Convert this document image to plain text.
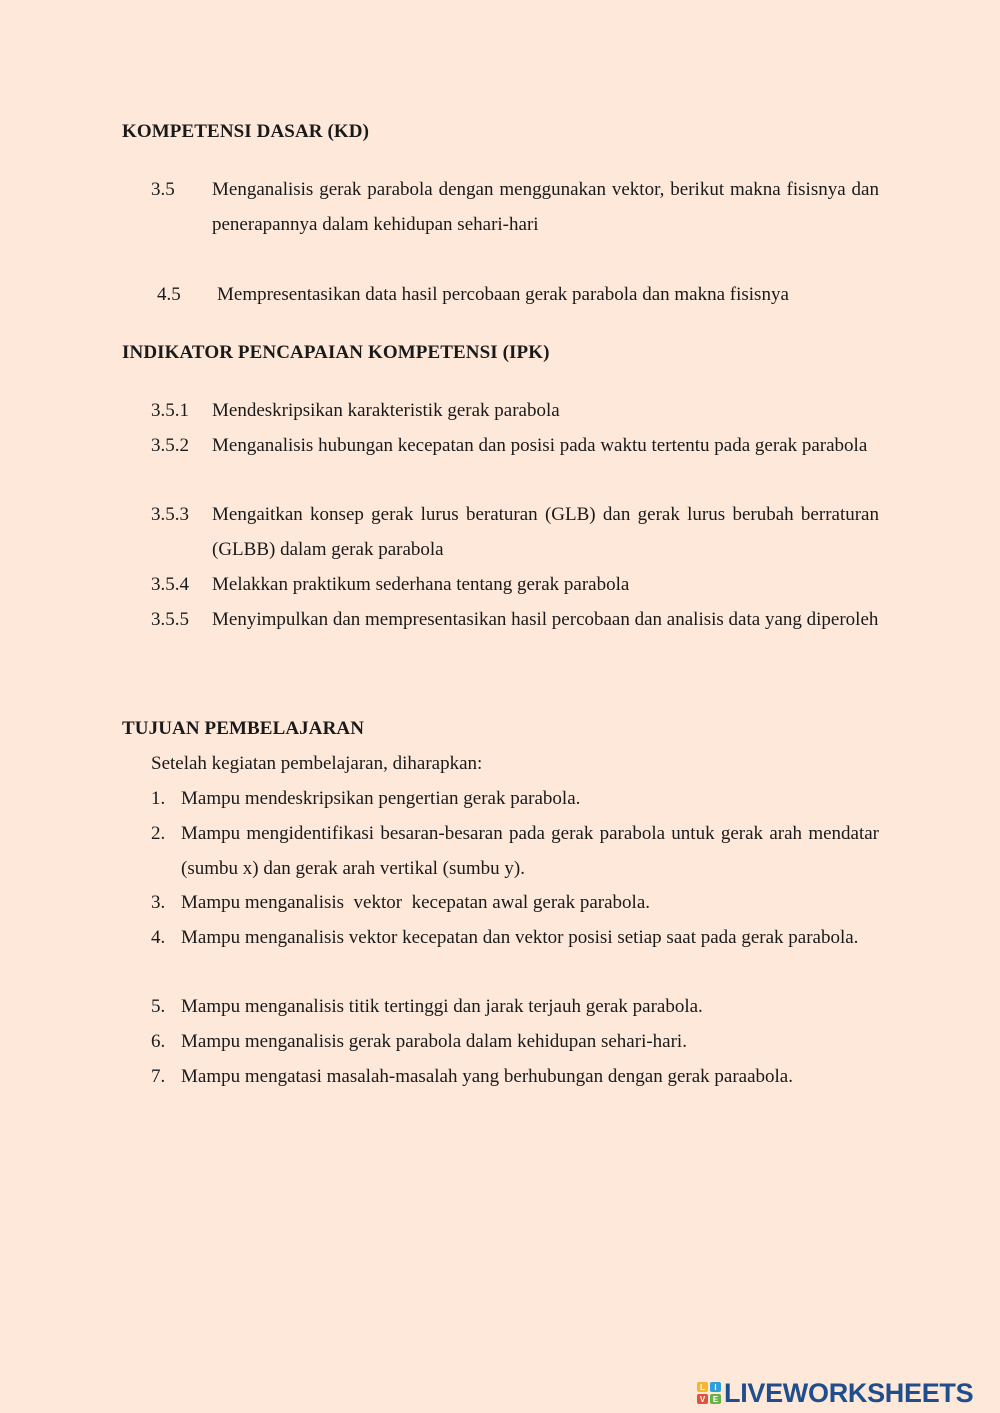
KOMPETENSI DASAR (KD)
3.5 Menganalisis gerak parabola dengan menggunakan vektor, berikut makna fisisnya dan penerapannya dalam kehidupan sehari-hari
4.5 Mempresentasikan data hasil percobaan gerak parabola dan makna fisisnya
INDIKATOR PENCAPAIAN KOMPETENSI (IPK)
3.5.1 Mendeskripsikan karakteristik gerak parabola
3.5.2 Menganalisis hubungan kecepatan dan posisi pada waktu tertentu pada gerak parabola
3.5.3 Mengaitkan konsep gerak lurus beraturan (GLB) dan gerak lurus berubah berraturan (GLBB) dalam gerak parabola
3.5.4 Melakkan praktikum sederhana tentang gerak parabola
3.5.5 Menyimpulkan dan mempresentasikan hasil percobaan dan analisis data yang diperoleh
TUJUAN PEMBELAJARAN
Setelah kegiatan pembelajaran, diharapkan:
1. Mampu mendeskripsikan pengertian gerak parabola.
2. Mampu mengidentifikasi besaran-besaran pada gerak parabola untuk gerak arah mendatar (sumbu x) dan gerak arah vertikal (sumbu y).
3. Mampu menganalisis  vektor  kecepatan awal gerak parabola.
4. Mampu menganalisis vektor kecepatan dan vektor posisi setiap saat pada gerak parabola.
5. Mampu menganalisis titik tertinggi dan jarak terjauh gerak parabola.
6. Mampu menganalisis gerak parabola dalam kehidupan sehari-hari.
7. Mampu mengatasi masalah-masalah yang berhubungan dengan gerak paraabola.
L I
V E LIVEWORKSHEETS
